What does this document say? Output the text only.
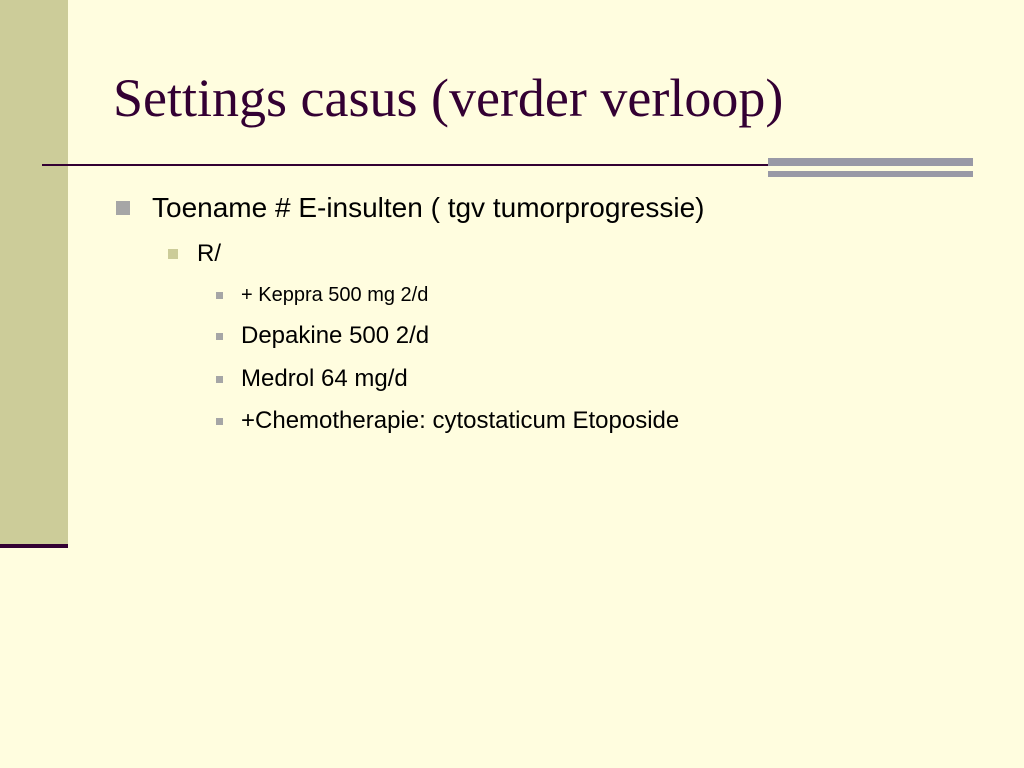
Settings casus (verder verloop)
Toename # E-insulten ( tgv tumorprogressie)
R/
+ Keppra 500 mg 2/d
Depakine 500 2/d
Medrol 64 mg/d
+Chemotherapie: cytostaticum Etoposide
